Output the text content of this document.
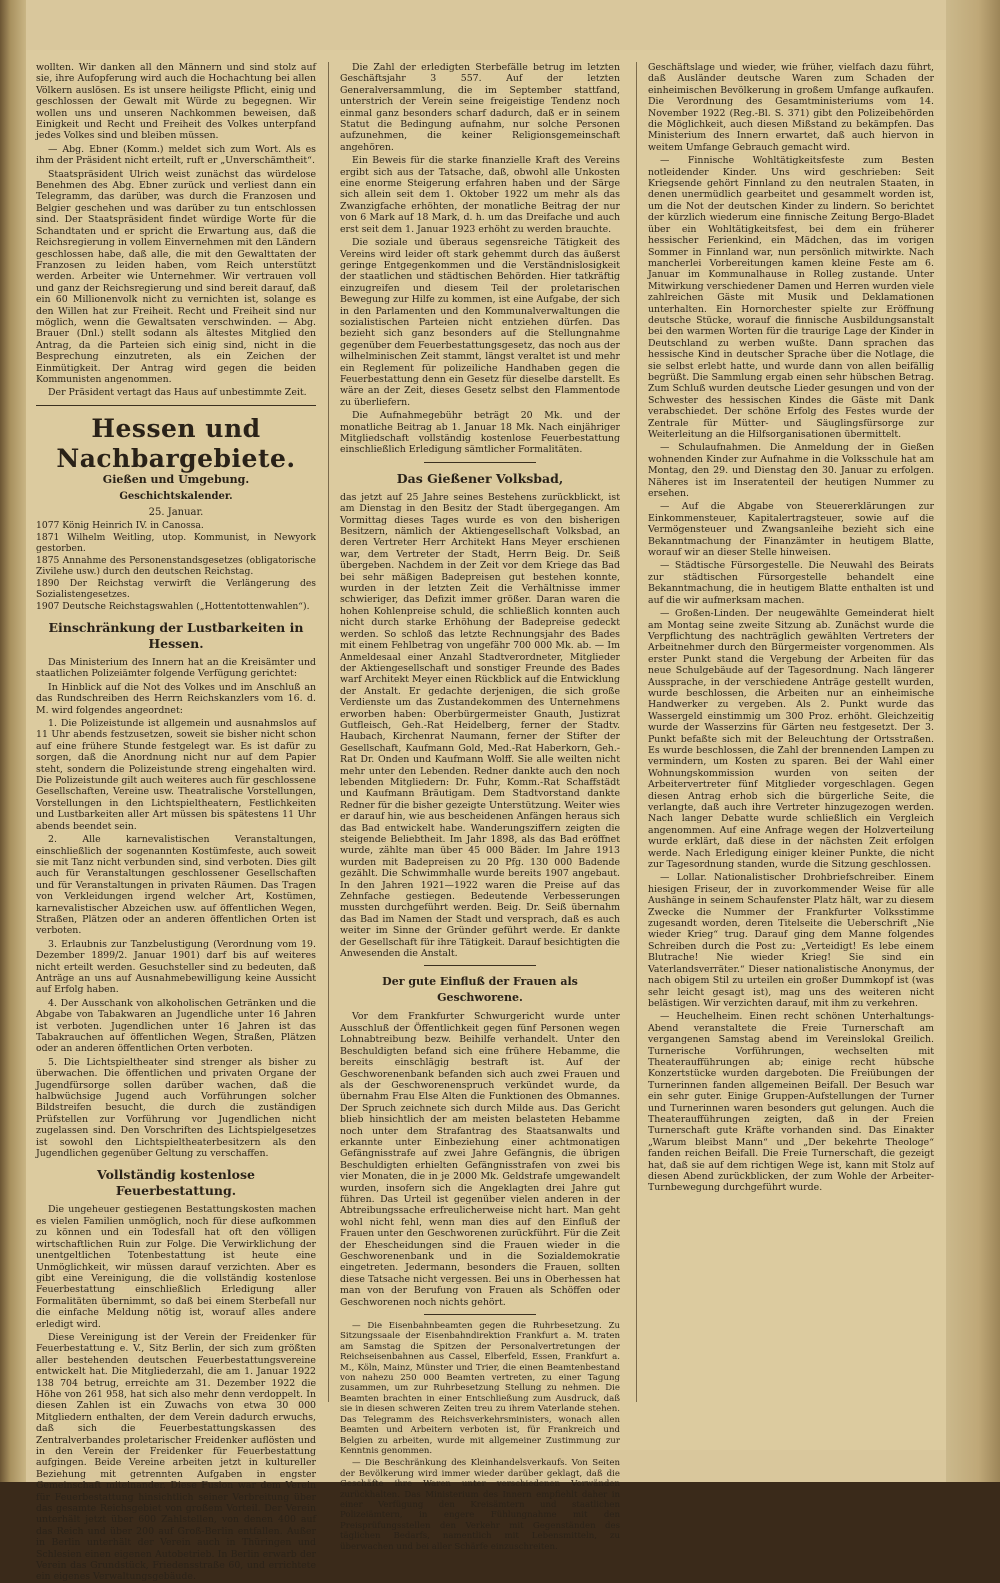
wollten. Wir danken all den Männern und sind stolz auf sie, ihre Aufopferung wird auch die Hochachtung bei allen Völkern auslösen. Es ist unsere heiligste Pflicht, einig und geschlossen der Gewalt mit Würde zu begegnen. Wir wollen uns und unseren Nachkommen beweisen, daß Einigkeit und Recht und Freiheit des Volkes unterpfand jedes Volkes sind und bleiben müssen.

— Abg. Ebner (Komm.) meldet sich zum Wort. Als es ihm der Präsident nicht erteilt, ruft er „Unverschämtheit“.

Staatspräsident Ulrich weist zunächst das würdelose Benehmen des Abg. Ebner zurück und verliest dann ein Telegramm, das darüber, was durch die Franzosen und Belgier geschehen und was darüber zu tun entschlossen sind. Der Staatspräsident findet würdige Worte für die Schandtaten und er spricht die Erwartung aus, daß die Reichsregierung in vollem Einvernehmen mit den Ländern geschlossen habe, daß alle, die mit den Gewalttaten der Franzosen zu leiden haben, vom Reich unterstützt werden. Arbeiter wie Unternehmer. Wir vertrauen voll und ganz der Reichsregierung und sind bereit darauf, daß ein 60 Millionenvolk nicht zu vernichten ist, solange es den Willen hat zur Freiheit. Recht und Freiheit sind nur möglich, wenn die Gewaltsaten verschwinden. — Abg. Brauer (Dnl.) stellt sodann als ältestes Mitglied den Antrag, da die Parteien sich einig sind, nicht in die Besprechung einzutreten, als ein Zeichen der Einmütigkeit. Der Antrag wird gegen die beiden Kommunisten angenommen.

Der Präsident vertagt das Haus auf unbestimmte Zeit.

Hessen und Nachbargebiete.
Gießen und Umgebung.
Geschichtskalender.
25. Januar.

1077 König Heinrich IV. in Canossa.

1871 Wilhelm Weitling, utop. Kommunist, in Newyork gestorben.

1875 Annahme des Personenstandsgesetzes (obligatorische Zivilehe usw.) durch den deutschen Reichstag.

1890 Der Reichstag verwirft die Verlängerung des Sozialistengesetzes.

1907 Deutsche Reichstagswahlen („Hottentottenwahlen“).

Einschränkung der Lustbarkeiten in Hessen.

Das Ministerium des Innern hat an die Kreisämter und staatlichen Polizeiämter folgende Verfügung gerichtet:

In Hinblick auf die Not des Volkes und im Anschluß an das Rundschreiben des Herrn Reichskanzlers vom 16. d. M. wird folgendes angeordnet:

1. Die Polizeistunde ist allgemein und ausnahmslos auf 11 Uhr abends festzusetzen, soweit sie bisher nicht schon auf eine frühere Stunde festgelegt war. Es ist dafür zu sorgen, daß die Anordnung nicht nur auf dem Papier steht, sondern die Polizeistunde streng eingehalten wird. Die Polizeistunde gilt auch weiteres auch für geschlossene Gesellschaften, Vereine usw. Theatralische Vorstellungen, Vorstellungen in den Lichtspieltheatern, Festlichkeiten und Lustbarkeiten aller Art müssen bis spätestens 11 Uhr abends beendet sein.

2. Alle karnevalistischen Veranstaltungen, einschließlich der sogenannten Kostümfeste, auch soweit sie mit Tanz nicht verbunden sind, sind verboten. Dies gilt auch für Veranstaltungen geschlossener Gesellschaften und für Veranstaltungen in privaten Räumen. Das Tragen von Verkleidungen irgend welcher Art, Kostümen, karnevalistischer Abzeichen usw. auf öffentlichen Wegen, Straßen, Plätzen oder an anderen öffentlichen Orten ist verboten.

3. Erlaubnis zur Tanzbelustigung (Verordnung vom 19. Dezember 1899/2. Januar 1901) darf bis auf weiteres nicht erteilt werden. Gesuchsteller sind zu bedeuten, daß Anträge an uns auf Ausnahmebewilligung keine Aussicht auf Erfolg haben.

4. Der Ausschank von alkoholischen Getränken und die Abgabe von Tabakwaren an Jugendliche unter 16 Jahren ist verboten. Jugendlichen unter 16 Jahren ist das Tabakrauchen auf öffentlichen Wegen, Straßen, Plätzen oder an anderen öffentlichen Orten verboten.

5. Die Lichtspieltheater sind strenger als bisher zu überwachen. Die öffentlichen und privaten Organe der Jugendfürsorge sollen darüber wachen, daß die halbwüchsige Jugend auch Vorführungen solcher Bildstreifen besucht, die durch die zuständigen Prüfstellen zur Vorführung vor Jugendlichen nicht zugelassen sind. Den Vorschriften des Lichtspielgesetzes ist sowohl den Lichtspieltheaterbesitzern als den Jugendlichen gegenüber Geltung zu verschaffen.

Vollständig kostenlose Feuerbestattung.

Die ungeheuer gestiegenen Bestattungskosten machen es vielen Familien unmöglich, noch für diese aufkommen zu können und ein Todesfall hat oft den völligen wirtschaftlichen Ruin zur Folge. Die Verwirklichung der unentgeltlichen Totenbestattung ist heute eine Unmöglichkeit, wir müssen darauf verzichten. Aber es gibt eine Vereinigung, die die vollständig kostenlose Feuerbestattung einschließlich Erledigung aller Formalitäten übernimmt, so daß bei einem Sterbefall nur die einfache Meldung nötig ist, worauf alles andere erledigt wird.

Diese Vereinigung ist der Verein der Freidenker für Feuerbestattung e. V., Sitz Berlin, der sich zum größten aller bestehenden deutschen Feuerbestattungsvereine entwickelt hat. Die Mitgliederzahl, die am 1. Januar 1922 138 704 betrug, erreichte am 31. Dezember 1922 die Höhe von 261 958, hat sich also mehr denn verdoppelt. In diesen Zahlen ist ein Zuwachs von etwa 30 000 Mitgliedern enthalten, der dem Verein dadurch erwuchs, daß sich die Feuerbestattungskassen des Zentralverbandes proletarischer Freidenker auflösten und in den Verein der Freidenker für Feuerbestattung aufgingen. Beide Vereine arbeiten jetzt in kultureller Beziehung mit getrennten Aufgaben in engster Gemeinschaft miteinander. Diese Fusion war dem Verein für Feuerbestattung hinsichtlich seiner Verbreitung über das gesamte Reichsgebiet von großem Vorteil. Der Verein unterhält jetzt über 600 Zahlstellen, von denen 400 auf das Reich und über 200 auf Groß-Berlin entfallen. Außer in Berlin unterhält der Verein auch in Thüringen und Schlesien einen eigenen Autobetrieb. In Berlin erwarb der Verein das Grundstück, Friedensstraße 60, und errichtete ein eigenes Verwaltungsgebäude.

Die Zahl der erledigten Sterbefälle betrug im letzten Geschäftsjahr 3 557. Auf der letzten Generalversammlung, die im September stattfand, unterstrich der Verein seine freigeistige Tendenz noch einmal ganz besonders scharf dadurch, daß er in seinem Statut die Bedingung aufnahm, nur solche Personen aufzunehmen, die keiner Religionsgemeinschaft angehören.

Ein Beweis für die starke finanzielle Kraft des Vereins ergibt sich aus der Tatsache, daß, obwohl alle Unkosten eine enorme Steigerung erfahren haben und der Särge sich allein seit dem 1. Oktober 1922 um mehr als das Zwanzigfache erhöhten, der monatliche Beitrag der nur von 6 Mark auf 18 Mark, d. h. um das Dreifache und auch erst seit dem 1. Januar 1923 erhöht zu werden brauchte.

Die soziale und überaus segensreiche Tätigkeit des Vereins wird leider oft stark gehemmt durch das äußerst geringe Entgegenkommen und die Verständnislosigkeit der staatlichen und städtischen Behörden. Hier tatkräftig einzugreifen und diesem Teil der proletarischen Bewegung zur Hilfe zu kommen, ist eine Aufgabe, der sich in den Parlamenten und den Kommunalverwaltungen die sozialistischen Parteien nicht entziehen dürfen. Das bezieht sich ganz besonders auf die Stellungnahme gegenüber dem Feuerbestattungsgesetz, das noch aus der wilhelminischen Zeit stammt, längst veraltet ist und mehr ein Reglement für polizeiliche Handhaben gegen die Feuerbestattung denn ein Gesetz für dieselbe darstellt. Es wäre an der Zeit, dieses Gesetz selbst den Flammentode zu überliefern.

Die Aufnahmegebühr beträgt 20 Mk. und der monatliche Beitrag ab 1. Januar 18 Mk. Nach einjähriger Mitgliedschaft vollständig kostenlose Feuerbestattung einschließlich Erledigung sämtlicher Formalitäten.

Das Gießener Volksbad,

das jetzt auf 25 Jahre seines Bestehens zurückblickt, ist am Dienstag in den Besitz der Stadt übergegangen. Am Vormittag dieses Tages wurde es von den bisherigen Besitzern, nämlich der Aktiengesellschaft Volksbad, an deren Vertreter Herr Architekt Hans Meyer erschienen war, dem Vertreter der Stadt, Herrn Beig. Dr. Seiß übergeben. Nachdem in der Zeit vor dem Kriege das Bad bei sehr mäßigen Badepreisen gut bestehen konnte, wurden in der letzten Zeit die Verhältnisse immer schwieriger, das Defizit immer größer. Daran waren die hohen Kohlenpreise schuld, die schließlich konnten auch nicht durch starke Erhöhung der Badepreise gedeckt werden. So schloß das letzte Rechnungsjahr des Bades mit einem Fehlbetrag von ungefähr 700 000 Mk. ab. — Im Anmeldesaal einer Anzahl Stadtverordneter, Mitglieder der Aktiengesellschaft und sonstiger Freunde des Bades warf Architekt Meyer einen Rückblick auf die Entwicklung der Anstalt. Er gedachte derjenigen, die sich große Verdienste um das Zustandekommen des Unternehmens erworben haben: Oberbürgermeister Gnauth, Justizrat Gutfleisch, Geh.-Rat Heidelberg, ferner der Stadtv. Haubach, Kirchenrat Naumann, ferner der Stifter der Gesellschaft, Kaufmann Gold, Med.-Rat Haberkorn, Geh.-Rat Dr. Onden und Kaufmann Wolff. Sie alle weilten nicht mehr unter den Lebenden. Redner dankte auch den noch lebenden Mitgliedern: Dr. Fuhr, Komm.-Rat Schaffstädt und Kaufmann Bräutigam. Dem Stadtvorstand dankte Redner für die bisher gezeigte Unterstützung. Weiter wies er darauf hin, wie aus bescheidenen Anfängen heraus sich das Bad entwickelt habe. Wanderungsziffern zeigten die steigende Beliebtheit. Im Jahr 1898, als das Bad eröffnet wurde, zählte man über 45 000 Bäder. Im Jahre 1913 wurden mit Badepreisen zu 20 Pfg. 130 000 Badende gezählt. Die Schwimmhalle wurde bereits 1907 angebaut. In den Jahren 1921—1922 waren die Preise auf das Zehnfache gestiegen. Bedeutende Verbesserungen mussten durchgeführt werden. Beig. Dr. Seiß übernahm das Bad im Namen der Stadt und versprach, daß es auch weiter im Sinne der Gründer geführt werde. Er dankte der Gesellschaft für ihre Tätigkeit. Darauf besichtigten die Anwesenden die Anstalt.

Der gute Einfluß der Frauen als Geschworene.

Vor dem Frankfurter Schwurgericht wurde unter Ausschluß der Öffentlichkeit gegen fünf Personen wegen Lohnabtreibung bezw. Beihilfe verhandelt. Unter den Beschuldigten befand sich eine frühere Hebamme, die bereits einschlägig bestraft ist. Auf der Geschworenenbank befanden sich auch zwei Frauen und als der Geschworenenspruch verkündet wurde, da übernahm Frau Else Alten die Funktionen des Obmannes. Der Spruch zeichnete sich durch Milde aus. Das Gericht blieb hinsichtlich der am meisten belasteten Hebamme noch unter dem Strafantrag des Staatsanwalts und erkannte unter Einbeziehung einer achtmonatigen Gefängnisstrafe auf zwei Jahre Gefängnis, die übrigen Beschuldigten erhielten Gefängnisstrafen von zwei bis vier Monaten, die in je 2000 Mk. Geldstrafe umgewandelt wurden, insofern sich die Angeklagten drei Jahre gut führen. Das Urteil ist gegenüber vielen anderen in der Abtreibungssache erfreulicherweise nicht hart. Man geht wohl nicht fehl, wenn man dies auf den Einfluß der Frauen unter den Geschworenen zurückführt. Für die Zeit der Ehescheidungen sind die Frauen wieder in die Geschworenenbank und in die Sozialdemokratie eingetreten. Jedermann, besonders die Frauen, sollten diese Tatsache nicht vergessen. Bei uns in Oberhessen hat man von der Berufung von Frauen als Schöffen oder Geschworenen noch nichts gehört.

— Die Eisenbahnbeamten gegen die Ruhrbesetzung. Zu Sitzungssaale der Eisenbahndirektion Frankfurt a. M. traten am Samstag die Spitzen der Personalvertretungen der Reichseisenbahnen aus Cassel, Elberfeld, Essen, Frankfurt a. M., Köln, Mainz, Münster und Trier, die einen Beamtenbestand von nahezu 250 000 Beamten vertreten, zu einer Tagung zusammen, um zur Ruhrbesetzung Stellung zu nehmen. Die Beamten brachten in einer Entschließung zum Ausdruck, daß sie in diesen schweren Zeiten treu zu ihrem Vaterlande stehen. Das Telegramm des Reichsverkehrsministers, wonach allen Beamten und Arbeitern verboten ist, für Frankreich und Belgien zu arbeiten, wurde mit allgemeiner Zustimmung zur Kenntnis genommen.

— Die Beschränkung des Kleinhandelsverkaufs. Von Seiten der Bevölkerung wird immer wieder darüber geklagt, daß die Geschäfte ihre Waren unter verschiedenen Vorwänden zurückhalten. Das Ministerium des Innern empfiehlt daher in einer Verfügung den Kreisämtern und staatlichen Polizeiämtern, in engere Fühlungnahme mit den Preisprüfungsstellen den Verkehr mit Gegenständen des täglichen Bedarfs, namentlich mit Lebensmitteln, zu überwachen und bei aller Schärfe einzuschreiten.

Geschäftslage und wieder, wie früher, vielfach dazu führt, daß Ausländer deutsche Waren zum Schaden der einheimischen Bevölkerung in großem Umfange aufkaufen. Die Verordnung des Gesamtministeriums vom 14. November 1922 (Reg.-Bl. S. 371) gibt den Polizeibehörden die Möglichkeit, auch diesen Mißstand zu bekämpfen. Das Ministerium des Innern erwartet, daß auch hiervon in weitem Umfange Gebrauch gemacht wird.

— Finnische Wohltätigkeitsfeste zum Besten notleidender Kinder. Uns wird geschrieben: Seit Kriegsende gehört Finnland zu den neutralen Staaten, in denen unermüdlich gearbeitet und gesammelt worden ist, um die Not der deutschen Kinder zu lindern. So berichtet der kürzlich wiederum eine finnische Zeitung Bergo-Bladet über ein Wohltätigkeitsfest, bei dem ein früherer hessischer Ferienkind, ein Mädchen, das im vorigen Sommer in Finnland war, nun persönlich mitwirkte. Nach mancherlei Vorbereitungen kamen kleine Feste am 6. Januar im Kommunalhause in Rolleg zustande. Unter Mitwirkung verschiedener Damen und Herren wurden viele zahlreichen Gäste mit Musik und Deklamationen unterhalten. Ein Hornorchester spielte zur Eröffnung deutsche Stücke, worauf die finnische Ausbildungsanstalt bei den warmen Worten für die traurige Lage der Kinder in Deutschland zu werben wußte. Dann sprachen das hessische Kind in deutscher Sprache über die Notlage, die sie selbst erlebt hatte, und wurde dann von allen beifällig begrüßt. Die Sammlung ergab einen sehr hübschen Betrag. Zum Schluß wurden deutsche Lieder gesungen und von der Schwester des hessischen Kindes die Gäste mit Dank verabschiedet. Der schöne Erfolg des Festes wurde der Zentrale für Mütter- und Säuglingsfürsorge zur Weiterleitung an die Hilfsorganisationen übermittelt.

— Schulaufnahmen. Die Anmeldung der in Gießen wohnenden Kinder zur Aufnahme in die Volksschule hat am Montag, den 29. und Dienstag den 30. Januar zu erfolgen. Näheres ist im Inseratenteil der heutigen Nummer zu ersehen.

— Auf die Abgabe von Steuererklärungen zur Einkommensteuer, Kapitalertragsteuer, sowie auf die Vermögensteuer und Zwangsanleihe bezieht sich eine Bekanntmachung der Finanzämter in heutigem Blatte, worauf wir an dieser Stelle hinweisen.

— Städtische Fürsorgestelle. Die Neuwahl des Beirats zur städtischen Fürsorgestelle behandelt eine Bekanntmachung, die in heutigem Blatte enthalten ist und auf die wir aufmerksam machen.

— Großen-Linden. Der neugewählte Gemeinderat hielt am Montag seine zweite Sitzung ab. Zunächst wurde die Verpflichtung des nachträglich gewählten Vertreters der Arbeitnehmer durch den Bürgermeister vorgenommen. Als erster Punkt stand die Vergebung der Arbeiten für das neue Schulgebäude auf der Tagesordnung. Nach längerer Aussprache, in der verschiedene Anträge gestellt wurden, wurde beschlossen, die Arbeiten nur an einheimische Handwerker zu vergeben. Als 2. Punkt wurde das Wassergeld einstimmig um 300 Proz. erhöht. Gleichzeitig wurde der Wasserzins für Gärten neu festgesetzt. Der 3. Punkt befaßte sich mit der Beleuchtung der Ortsstraßen. Es wurde beschlossen, die Zahl der brennenden Lampen zu vermindern, um Kosten zu sparen. Bei der Wahl einer Wohnungskommission wurden von seiten der Arbeitervertreter fünf Mitglieder vorgeschlagen. Gegen diesen Antrag erhob sich die bürgerliche Seite, die verlangte, daß auch ihre Vertreter hinzugezogen werden. Nach langer Debatte wurde schließlich ein Vergleich angenommen. Auf eine Anfrage wegen der Holzverteilung wurde erklärt, daß diese in der nächsten Zeit erfolgen werde. Nach Erledigung einiger kleiner Punkte, die nicht zur Tagesordnung standen, wurde die Sitzung geschlossen.

— Lollar. Nationalistischer Drohbriefschreiber. Einem hiesigen Friseur, der in zuvorkommender Weise für alle Aushänge in seinem Schaufenster Platz hält, war zu diesem Zwecke die Nummer der Frankfurter Volksstimme zugesandt worden, deren Titelseite die Ueberschrift „Nie wieder Krieg“ trug. Darauf ging dem Manne folgendes Schreiben durch die Post zu: „Verteidigt! Es lebe einem Blutrache! Nie wieder Krieg! Sie sind ein Vaterlandsverräter.“ Dieser nationalistische Anonymus, der nach obigem Stil zu urteilen ein großer Dummkopf ist (was sehr leicht gesagt ist), mag uns des weiteren nicht belästigen. Wir verzichten darauf, mit ihm zu verkehren.

— Heuchelheim. Einen recht schönen Unterhaltungs-Abend veranstaltete die Freie Turnerschaft am vergangenen Samstag abend im Vereinslokal Greilich. Turnerische Vorführungen, wechselten mit Theateraufführungen ab; einige recht hübsche Konzertstücke wurden dargeboten. Die Freiübungen der Turnerinnen fanden allgemeinen Beifall. Der Besuch war ein sehr guter. Einige Gruppen-Aufstellungen der Turner und Turnerinnen waren besonders gut gelungen. Auch die Theateraufführungen zeigten, daß in der Freien Turnerschaft gute Kräfte vorhanden sind. Das Einakter „Warum bleibst Mann“ und „Der bekehrte Theologe“ fanden reichen Beifall. Die Freie Turnerschaft, die gezeigt hat, daß sie auf dem richtigen Wege ist, kann mit Stolz auf diesen Abend zurückblicken, der zum Wohle der Arbeiter-Turnbewegung durchgeführt wurde.
